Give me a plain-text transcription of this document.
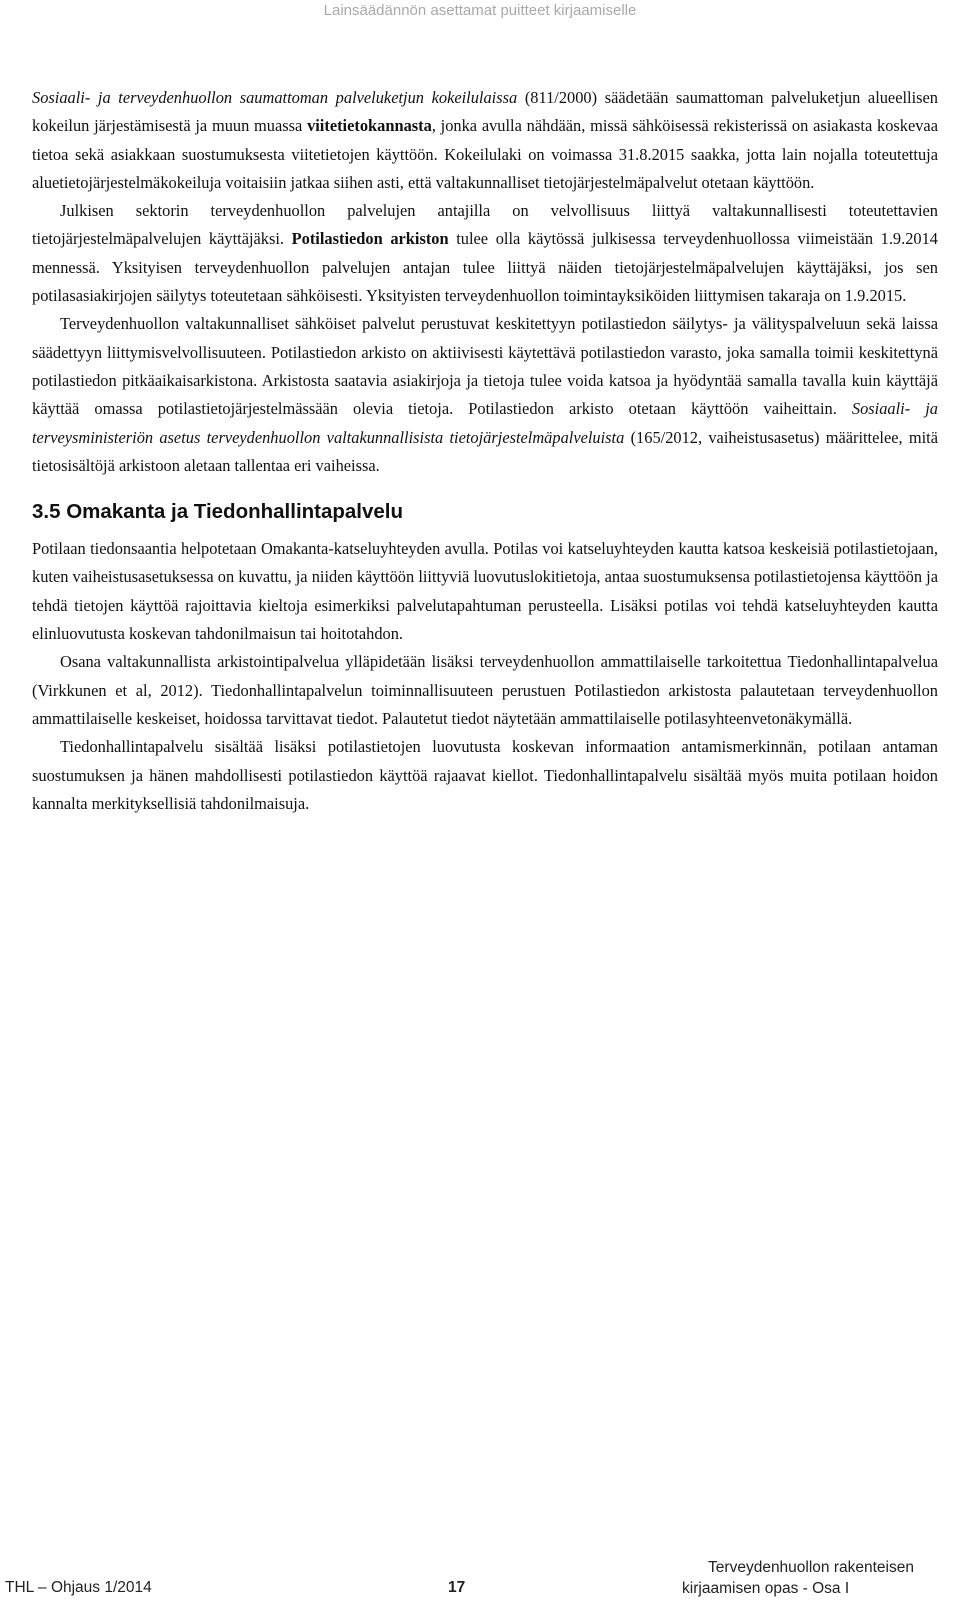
Lainsäädännön asettamat puitteet kirjaamiselle

Sosiaali- ja terveydenhuollon saumattoman palveluketjun kokeilulaissa (811/2000) säädetään saumattoman palveluketjun alueellisen kokeilun järjestämisestä ja muun muassa viitetietokannasta, jonka avulla nähdään, missä sähköisessä rekisterissä on asiakasta koskevaa tietoa sekä asiakkaan suostumuksesta viitetietojen käyttöön. Kokeilulaki on voimassa 31.8.2015 saakka, jotta lain nojalla toteutettuja aluetietojärjestelmäkokeiluja voitaisiin jatkaa siihen asti, että valtakunnalliset tietojärjestelmäpalvelut otetaan käyttöön.

Julkisen sektorin terveydenhuollon palvelujen antajilla on velvollisuus liittyä valtakunnallisesti toteutettavien tietojärjestelmäpalvelujen käyttäjäksi. Potilastiedon arkiston tulee olla käytössä julkisessa terveydenhuollossa viimeistään 1.9.2014 mennessä. Yksityisen terveydenhuollon palvelujen antajan tulee liittyä näiden tietojärjestelmäpalvelujen käyttäjäksi, jos sen potilasasiakirjojen säilytys toteutetaan sähköisesti. Yksityisten terveydenhuollon toimintayksiköiden liittymisen takaraja on 1.9.2015.

Terveydenhuollon valtakunnalliset sähköiset palvelut perustuvat keskitettyyn potilastiedon säilytys- ja välityspalveluun sekä laissa säädettyyn liittymisvelvollisuuteen. Potilastiedon arkisto on aktiivisesti käytettävä potilastiedon varasto, joka samalla toimii keskitettynä potilastiedon pitkäaikaisarkistona. Arkistosta saatavia asiakirjoja ja tietoja tulee voida katsoa ja hyödyntää samalla tavalla kuin käyttäjä käyttää omassa potilastietojärjestelmässään olevia tietoja. Potilastiedon arkisto otetaan käyttöön vaiheittain. Sosiaali- ja terveysministeriön asetus terveydenhuollon valtakunnallisista tietojärjestelmäpalveluista (165/2012, vaiheistusasetus) määrittelee, mitä tietosisältöjä arkistoon aletaan tallentaa eri vaiheissa.

3.5 Omakanta ja Tiedonhallintapalvelu

Potilaan tiedonsaantia helpotetaan Omakanta-katseluyhteyden avulla. Potilas voi katseluyhteyden kautta katsoa keskeisiä potilastietojaan, kuten vaiheistusasetuksessa on kuvattu, ja niiden käyttöön liittyviä luovutuslokitietoja, antaa suostumuksensa potilastietojensa käyttöön ja tehdä tietojen käyttöä rajoittavia kieltoja esimerkiksi palvelutapahtuman perusteella. Lisäksi potilas voi tehdä katseluyhteyden kautta elinluovutusta koskevan tahdonilmaisun tai hoitotahdon.

Osana valtakunnallista arkistointipalvelua ylläpidetään lisäksi terveydenhuollon ammattilaiselle tarkoitettua Tiedonhallintapalvelua (Virkkunen et al, 2012). Tiedonhallintapalvelun toiminnallisuuteen perustuen Potilastiedon arkistosta palautetaan terveydenhuollon ammattilaiselle keskeiset, hoidossa tarvittavat tiedot. Palautetut tiedot näytetään ammattilaiselle potilasyhteenvetonäkymällä.

Tiedonhallintapalvelu sisältää lisäksi potilastietojen luovutusta koskevan informaation antamismerkinnän, potilaan antaman suostumuksen ja hänen mahdollisesti potilastiedon käyttöä rajaavat kiellot. Tiedonhallintapalvelu sisältää myös muita potilaan hoidon kannalta merkityksellisiä tahdonilmaisuja.

THL – Ohjaus 1/2014	17
Terveydenhuollon rakenteisen
kirjaamisen opas - Osa I
